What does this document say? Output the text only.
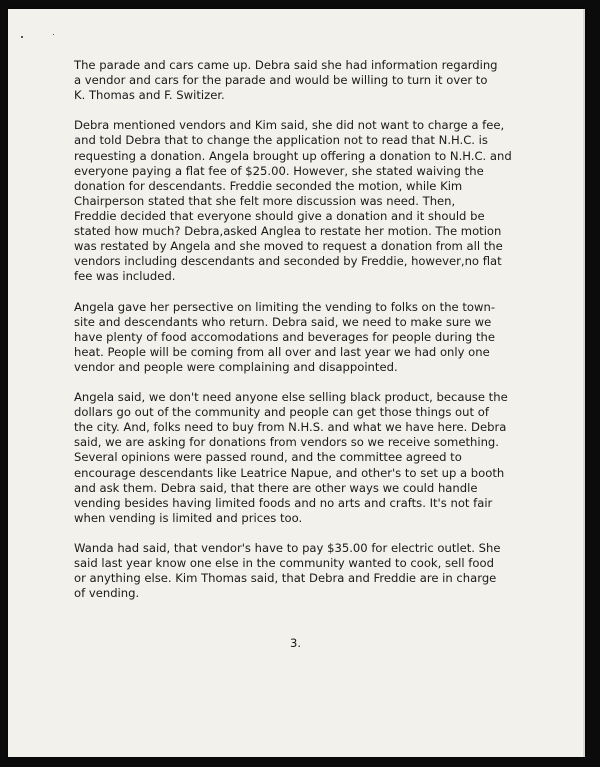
The parade and cars came up. Debra said she had information regarding
a vendor and cars for the parade and would be willing to turn it over to
K. Thomas and F. Switizer.

Debra mentioned vendors and Kim said, she did not want to charge a fee,
and told Debra that to change the application not to read that N.H.C. is
requesting a donation. Angela brought up offering a donation to N.H.C. and
everyone paying a flat fee of $25.00. However, she stated waiving the
donation for descendants. Freddie seconded the motion, while Kim
Chairperson stated that she felt more discussion was need. Then,
Freddie decided that everyone should give a donation and it should be
stated how much? Debra,asked Anglea to restate her motion. The motion
was restated by Angela and she moved to request a donation from all the
vendors including descendants and seconded by Freddie, however,no flat
fee was included.

Angela gave her persective on limiting the vending to folks on the town-
site and descendants who return. Debra said, we need to make sure we
have plenty of food accomodations and beverages for people during the
heat. People will be coming from all over and last year we had only one
vendor and people were complaining and disappointed.

Angela said, we don't need anyone else selling black product, because the
dollars go out of the community and people can get those things out of
the city. And, folks need to buy from N.H.S. and what we have here. Debra
said, we are asking for donations from vendors so we receive something.
Several opinions were passed round, and the committee agreed to
encourage descendants like Leatrice Napue, and other's to set up a booth
and ask them. Debra said, that there are other ways we could handle
vending besides having limited foods and no arts and crafts. It's not fair
when vending is limited and prices too.

Wanda had said, that vendor's have to pay $35.00 for electric outlet. She
said last year know one else in the community wanted to cook, sell food
or anything else. Kim Thomas said, that Debra and Freddie are in charge
of vending.

3.
